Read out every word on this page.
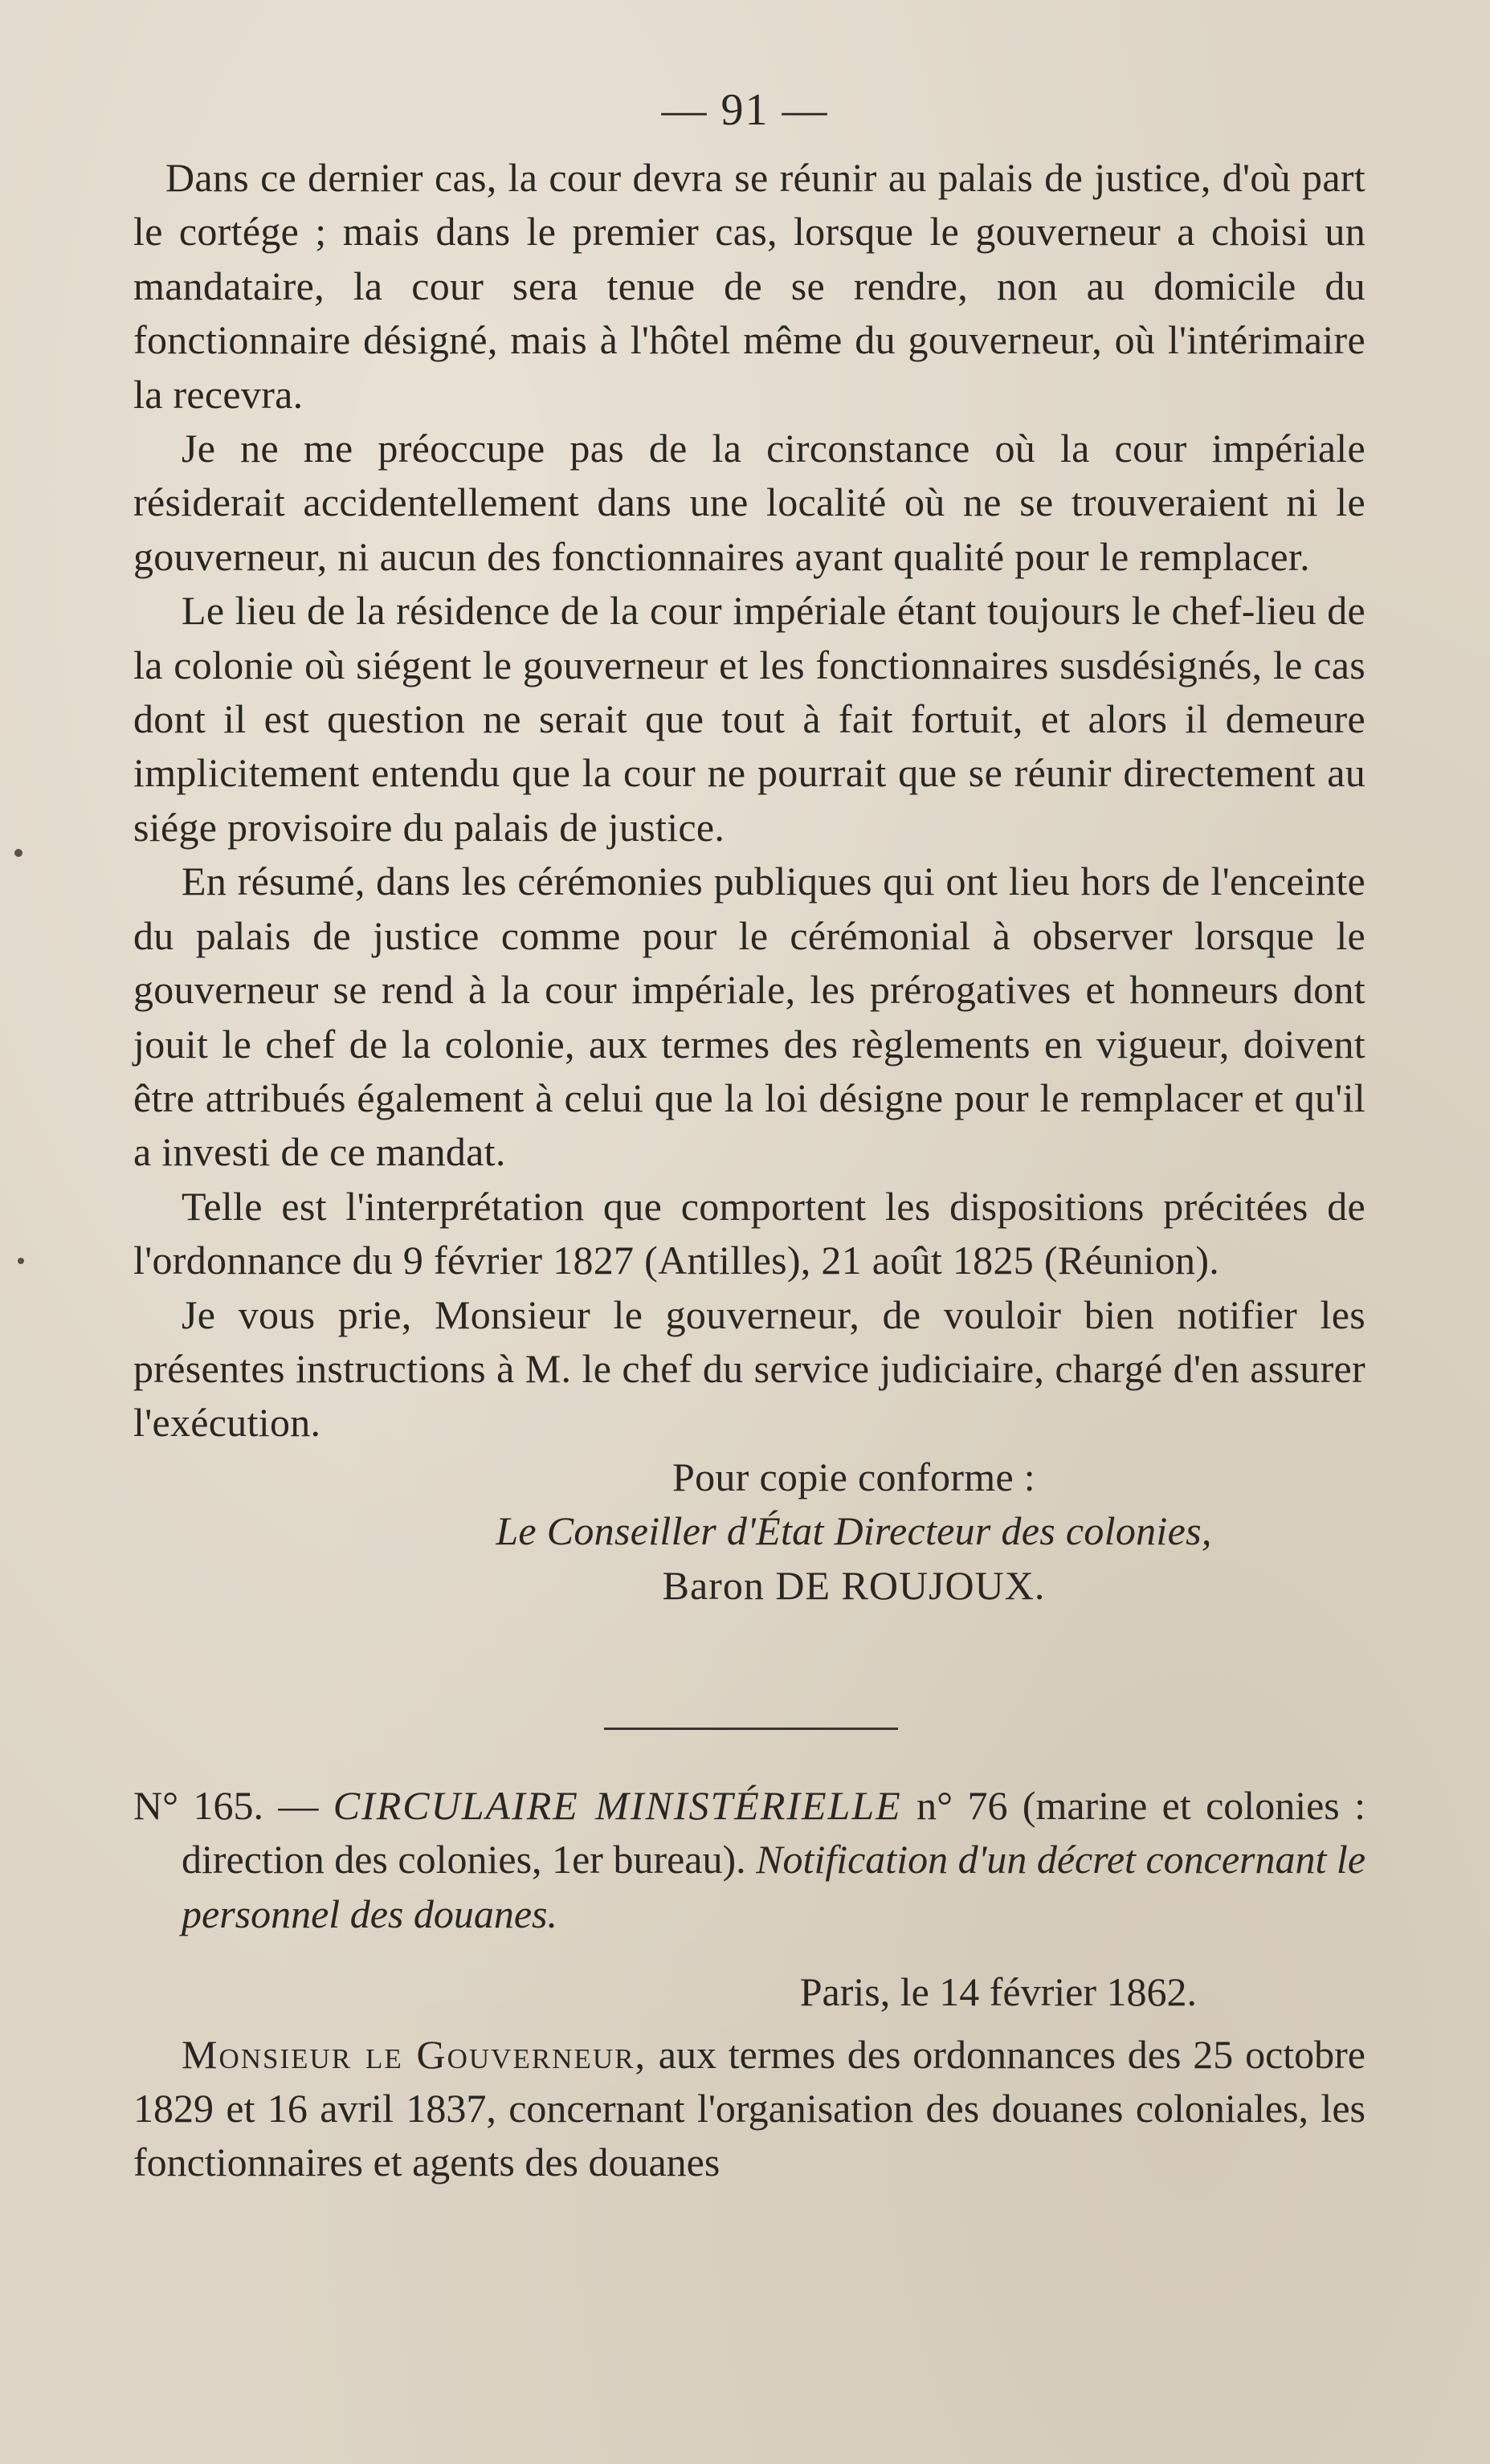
— 91 —

Dans ce dernier cas, la cour devra se réunir au palais de justice, d'où part le cortége ; mais dans le premier cas, lorsque le gouverneur a choisi un mandataire, la cour sera tenue de se rendre, non au domicile du fonctionnaire désigné, mais à l'hôtel même du gouverneur, où l'intérimaire la recevra.

Je ne me préoccupe pas de la circonstance où la cour impériale résiderait accidentellement dans une localité où ne se trouveraient ni le gouverneur, ni aucun des fonctionnaires ayant qualité pour le remplacer.

Le lieu de la résidence de la cour impériale étant toujours le chef-lieu de la colonie où siégent le gouverneur et les fonctionnaires susdésignés, le cas dont il est question ne serait que tout à fait fortuit, et alors il demeure implicitement entendu que la cour ne pourrait que se réunir directement au siége provisoire du palais de justice.

En résumé, dans les cérémonies publiques qui ont lieu hors de l'enceinte du palais de justice comme pour le cérémonial à observer lorsque le gouverneur se rend à la cour impériale, les prérogatives et honneurs dont jouit le chef de la colonie, aux termes des règlements en vigueur, doivent être attribués également à celui que la loi désigne pour le remplacer et qu'il a investi de ce mandat.

Telle est l'interprétation que comportent les dispositions précitées de l'ordonnance du 9 février 1827 (Antilles), 21 août 1825 (Réunion).

Je vous prie, Monsieur le gouverneur, de vouloir bien notifier les présentes instructions à M. le chef du service judiciaire, chargé d'en assurer l'exécution.

Pour copie conforme :
Le Conseiller d'État Directeur des colonies,
Baron DE ROUJOUX.

N° 165. — CIRCULAIRE MINISTÉRIELLE n° 76 (marine et colonies : direction des colonies, 1er bureau). Notification d'un décret concernant le personnel des douanes.

Paris, le 14 février 1862.

Monsieur le Gouverneur, aux termes des ordonnances des 25 octobre 1829 et 16 avril 1837, concernant l'organisation des douanes coloniales, les fonctionnaires et agents des douanes
